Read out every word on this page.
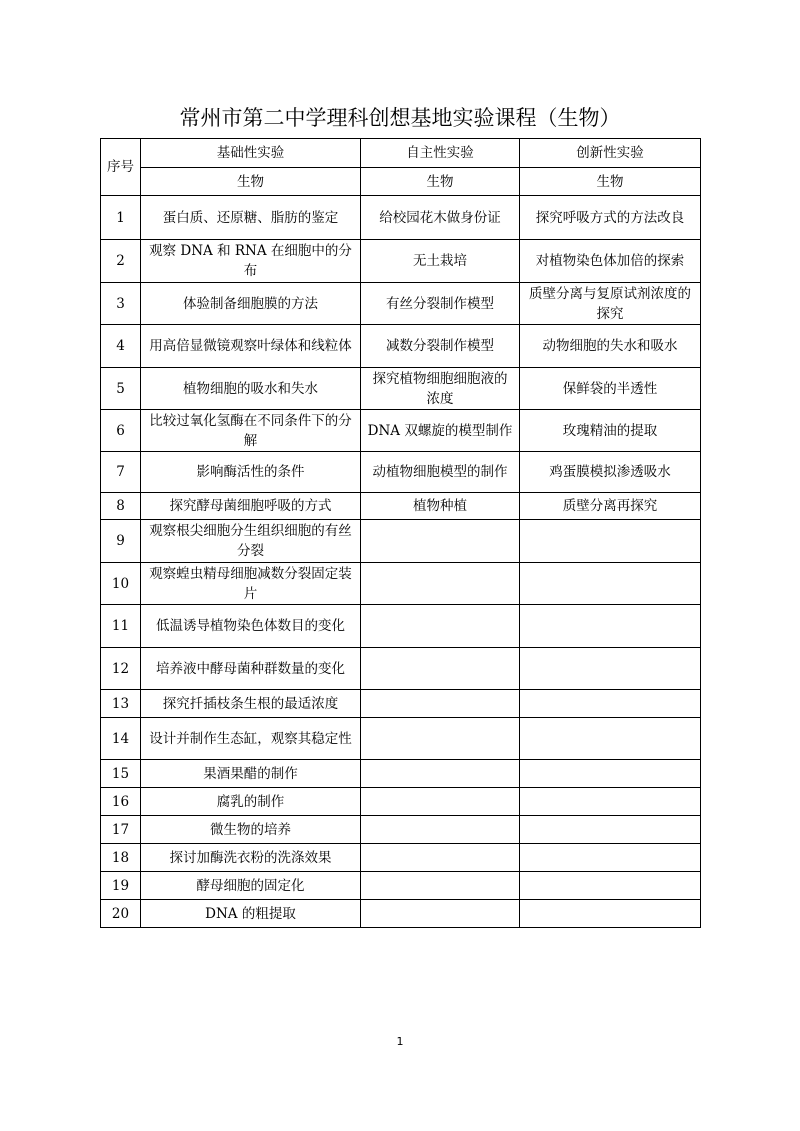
常州市第二中学理科创想基地实验课程（生物）
序号	基础性实验	自主性实验	创新性实验
	生物	生物	生物
1	蛋白质、还原糖、脂肪的鉴定	给校园花木做身份证	探究呼吸方式的方法改良
2	观察 DNA 和 RNA 在细胞中的分布	无土栽培	对植物染色体加倍的探索
3	体验制备细胞膜的方法	有丝分裂制作模型	质壁分离与复原试剂浓度的探究
4	用高倍显微镜观察叶绿体和线粒体	减数分裂制作模型	动物细胞的失水和吸水
5	植物细胞的吸水和失水	探究植物细胞细胞液的浓度	保鲜袋的半透性
6	比较过氧化氢酶在不同条件下的分解	DNA 双螺旋的模型制作	玫瑰精油的提取
7	影响酶活性的条件	动植物细胞模型的制作	鸡蛋膜模拟渗透吸水
8	探究酵母菌细胞呼吸的方式	植物种植	质壁分离再探究
9	观察根尖细胞分生组织细胞的有丝分裂		
10	观察蝗虫精母细胞减数分裂固定装片		
11	低温诱导植物染色体数目的变化		
12	培养液中酵母菌种群数量的变化		
13	探究扦插枝条生根的最适浓度		
14	设计并制作生态缸，观察其稳定性		
15	果酒果醋的制作		
16	腐乳的制作		
17	微生物的培养		
18	探讨加酶洗衣粉的洗涤效果		
19	酵母细胞的固定化		
20	DNA 的粗提取		
1
